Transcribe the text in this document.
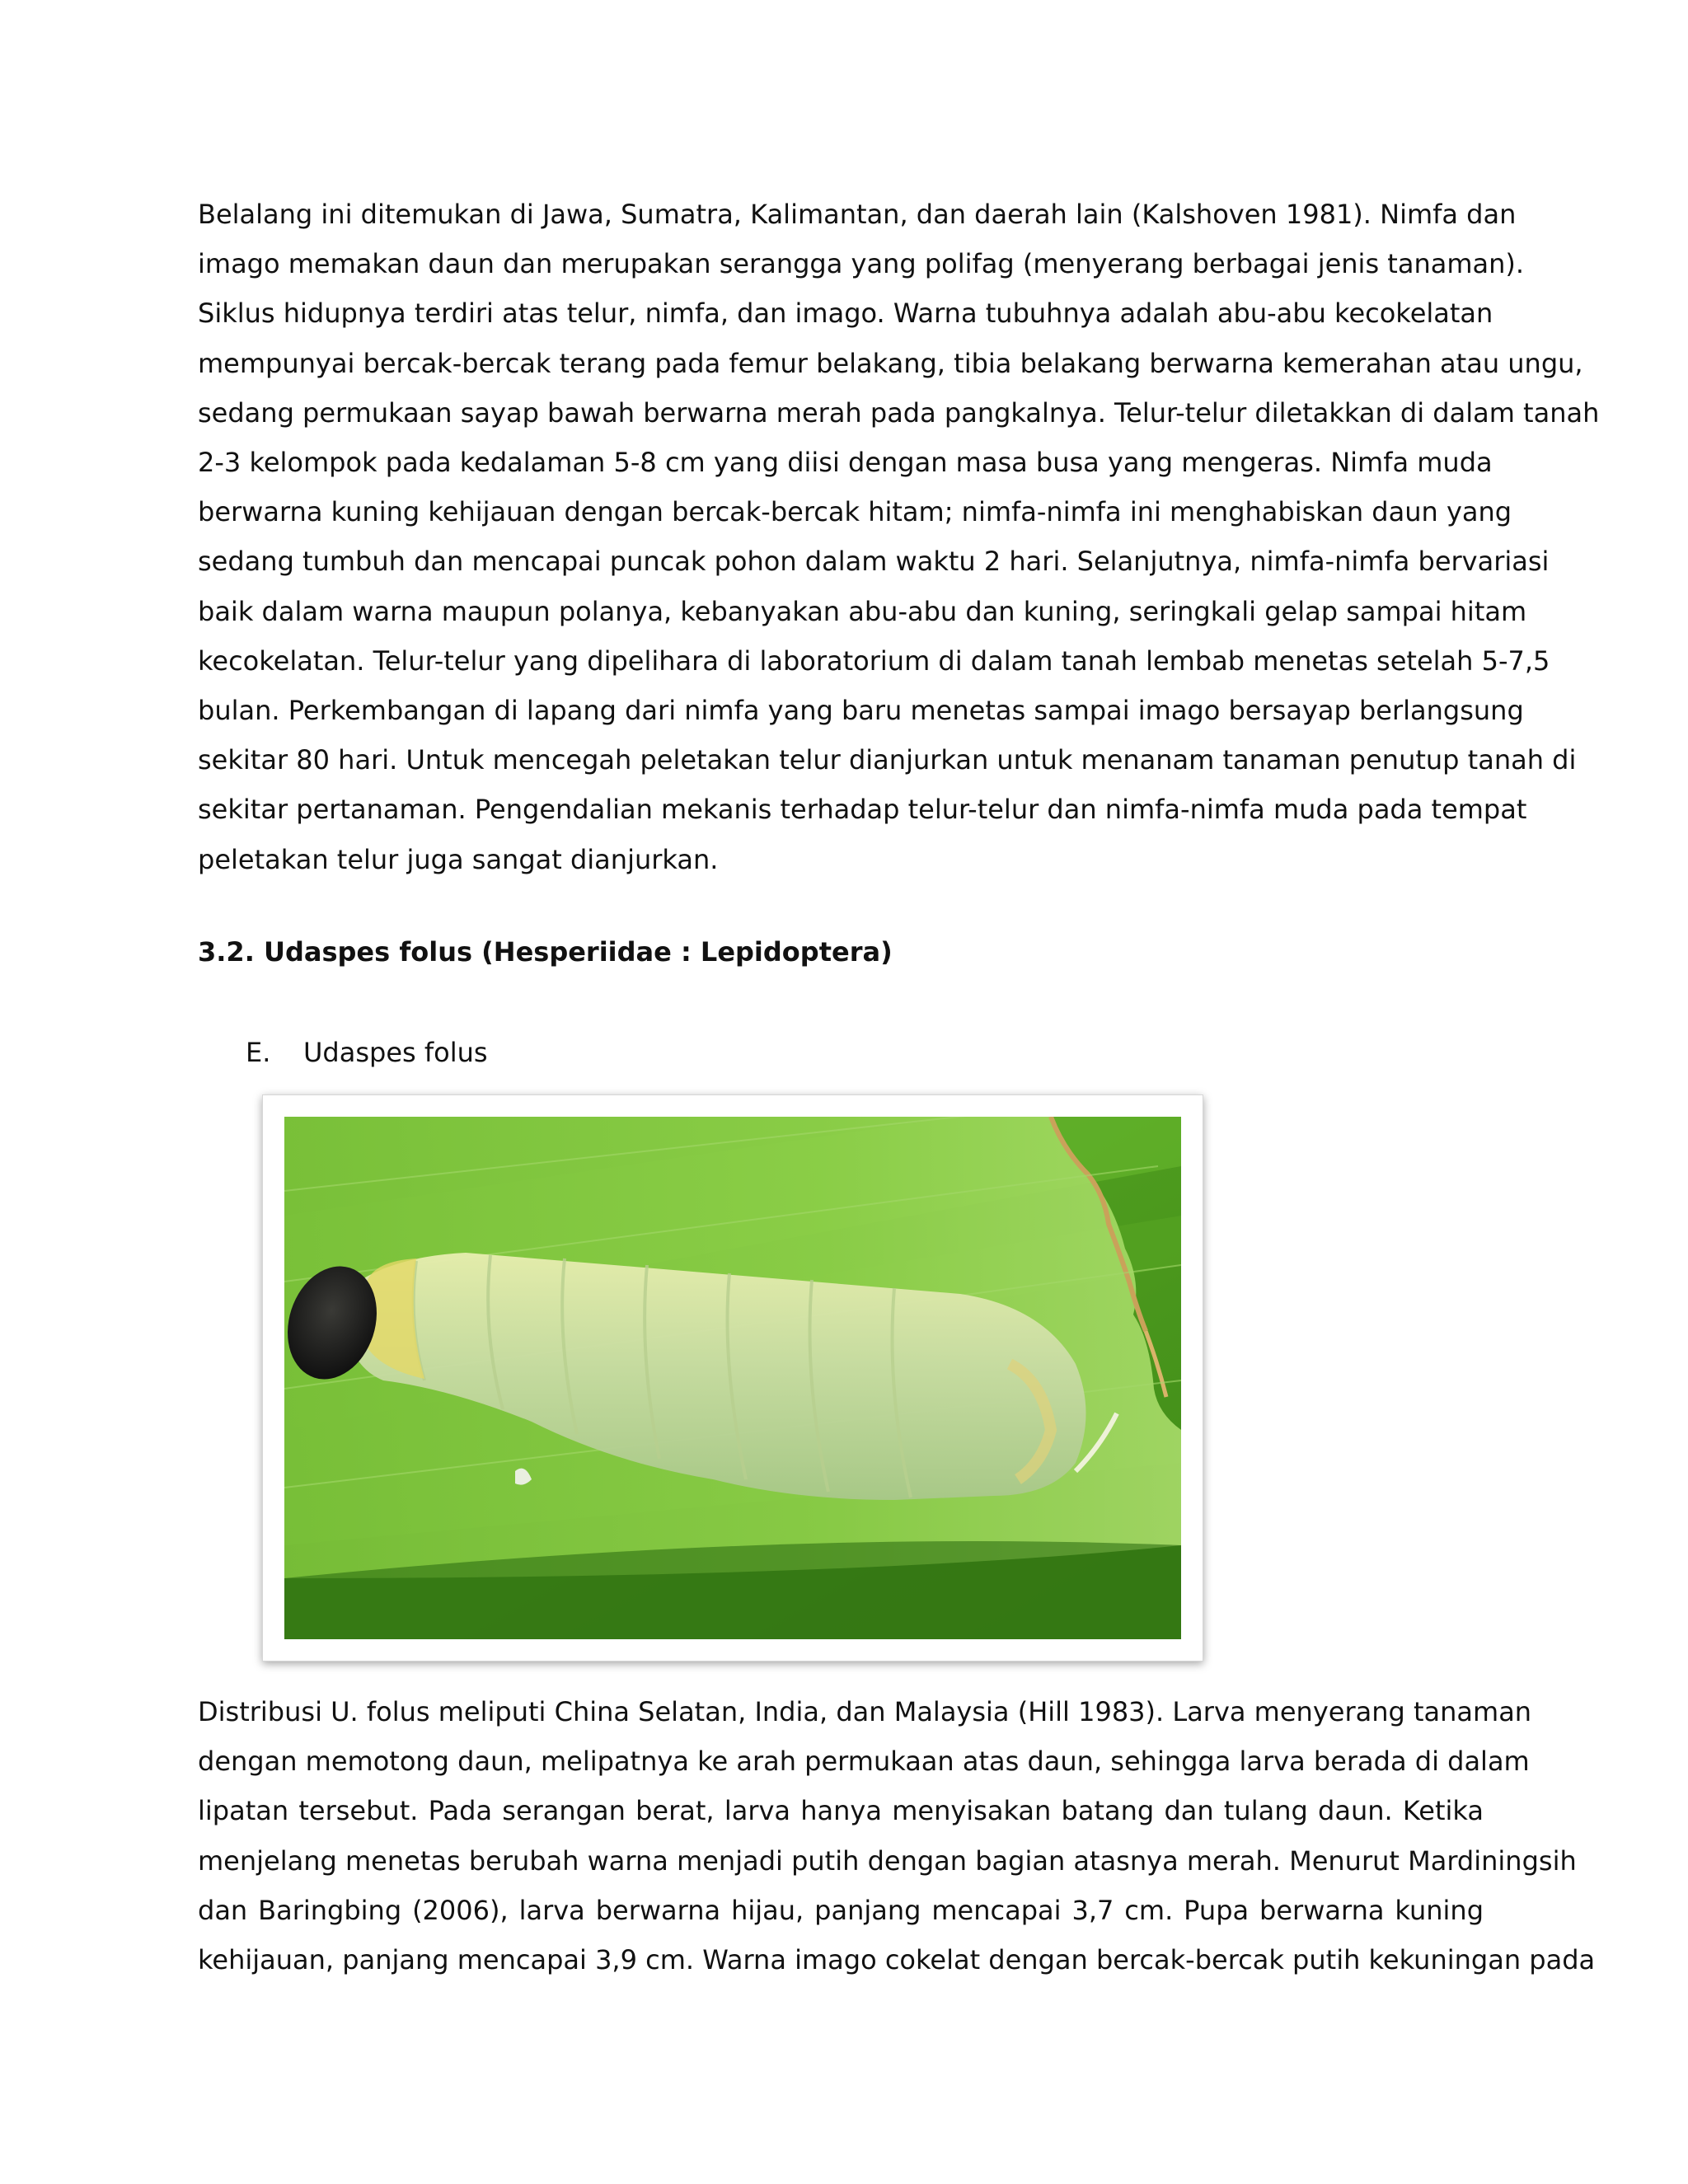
Belalang ini ditemukan di Jawa, Sumatra, Kalimantan, dan daerah lain (Kalshoven 1981). Nimfa dan
imago memakan daun dan merupakan serangga yang polifag (menyerang berbagai jenis tanaman).
Siklus hidupnya terdiri atas telur, nimfa, dan imago. Warna tubuhnya adalah abu-abu kecokelatan
mempunyai bercak-bercak terang pada femur belakang, tibia belakang berwarna kemerahan atau ungu,
sedang permukaan sayap bawah berwarna merah pada pangkalnya. Telur-telur diletakkan di dalam tanah
2-3 kelompok pada kedalaman 5-8 cm yang diisi dengan masa busa yang mengeras. Nimfa muda
berwarna kuning kehijauan dengan bercak-bercak hitam; nimfa-nimfa ini menghabiskan daun yang
sedang tumbuh dan mencapai puncak pohon dalam waktu 2 hari. Selanjutnya, nimfa-nimfa bervariasi
baik dalam warna maupun polanya, kebanyakan abu-abu dan kuning, seringkali gelap sampai hitam
kecokelatan. Telur-telur yang dipelihara di laboratorium di dalam tanah lembab menetas setelah 5-7,5
bulan. Perkembangan di lapang dari nimfa yang baru menetas sampai imago bersayap berlangsung
sekitar 80 hari. Untuk mencegah peletakan telur dianjurkan untuk menanam tanaman penutup tanah di
sekitar pertanaman. Pengendalian mekanis terhadap telur-telur dan nimfa-nimfa muda pada tempat
peletakan telur juga sangat dianjurkan.

3.2. Udaspes folus (Hesperiidae : Lepidoptera)
E. Udaspes folus

Distribusi U. folus meliputi China Selatan, India, dan Malaysia (Hill 1983). Larva menyerang tanaman
dengan memotong daun, melipatnya ke arah permukaan atas daun, sehingga larva berada di dalam
lipatan tersebut. Pada serangan berat, larva hanya menyisakan batang dan tulang daun. Ketika
menjelang menetas berubah warna menjadi putih dengan bagian atasnya merah. Menurut Mardiningsih
dan Baringbing (2006), larva berwarna hijau, panjang mencapai 3,7 cm. Pupa berwarna kuning
kehijauan, panjang mencapai 3,9 cm. Warna imago cokelat dengan bercak-bercak putih kekuningan pada
